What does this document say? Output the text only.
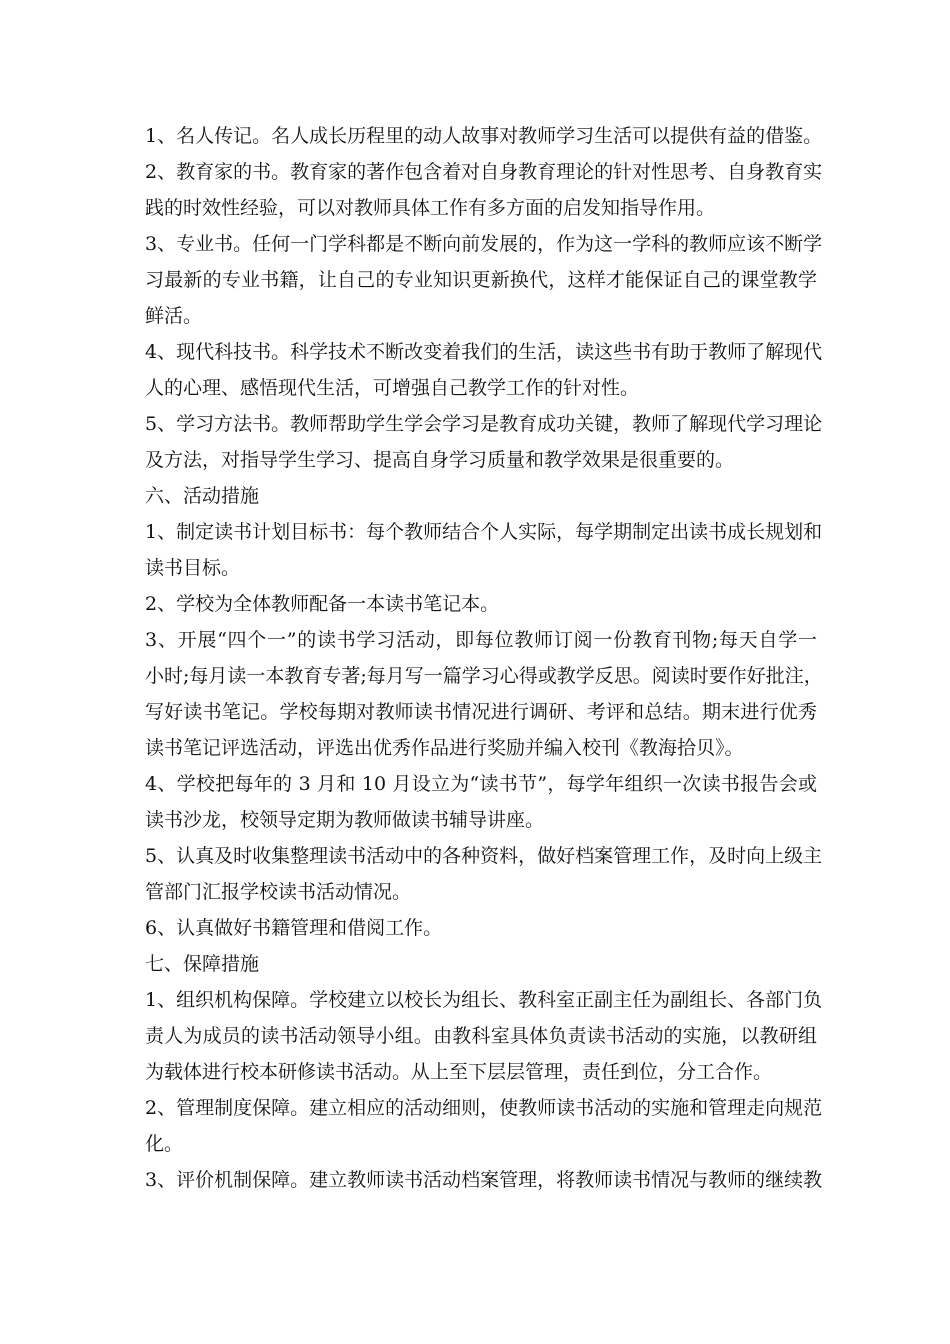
1、名人传记。名人成长历程里的动人故事对教师学习生活可以提供有益的借鉴。
2、教育家的书。教育家的著作包含着对自身教育理论的针对性思考、自身教育实
践的时效性经验，可以对教师具体工作有多方面的启发知指导作用。
3、专业书。任何一门学科都是不断向前发展的，作为这一学科的教师应该不断学
习最新的专业书籍，让自己的专业知识更新换代，这样才能保证自己的课堂教学
鲜活。
4、现代科技书。科学技术不断改变着我们的生活，读这些书有助于教师了解现代
人的心理、感悟现代生活，可增强自己教学工作的针对性。
5、学习方法书。教师帮助学生学会学习是教育成功关键，教师了解现代学习理论
及方法，对指导学生学习、提高自身学习质量和教学效果是很重要的。
六、活动措施
1、制定读书计划目标书：每个教师结合个人实际，每学期制定出读书成长规划和
读书目标。
2、学校为全体教师配备一本读书笔记本。
3、开展“四个一”的读书学习活动，即每位教师订阅一份教育刊物;每天自学一
小时;每月读一本教育专著;每月写一篇学习心得或教学反思。阅读时要作好批注，
写好读书笔记。学校每期对教师读书情况进行调研、考评和总结。期末进行优秀
读书笔记评选活动，评选出优秀作品进行奖励并编入校刊《教海拾贝》。
4、学校把每年的 3 月和 10 月设立为“读书节”，每学年组织一次读书报告会或
读书沙龙，校领导定期为教师做读书辅导讲座。
5、认真及时收集整理读书活动中的各种资料，做好档案管理工作，及时向上级主
管部门汇报学校读书活动情况。
6、认真做好书籍管理和借阅工作。
七、保障措施
1、组织机构保障。学校建立以校长为组长、教科室正副主任为副组长、各部门负
责人为成员的读书活动领导小组。由教科室具体负责读书活动的实施，以教研组
为载体进行校本研修读书活动。从上至下层层管理，责任到位，分工合作。
2、管理制度保障。建立相应的活动细则，使教师读书活动的实施和管理走向规范
化。
3、评价机制保障。建立教师读书活动档案管理，将教师读书情况与教师的继续教
